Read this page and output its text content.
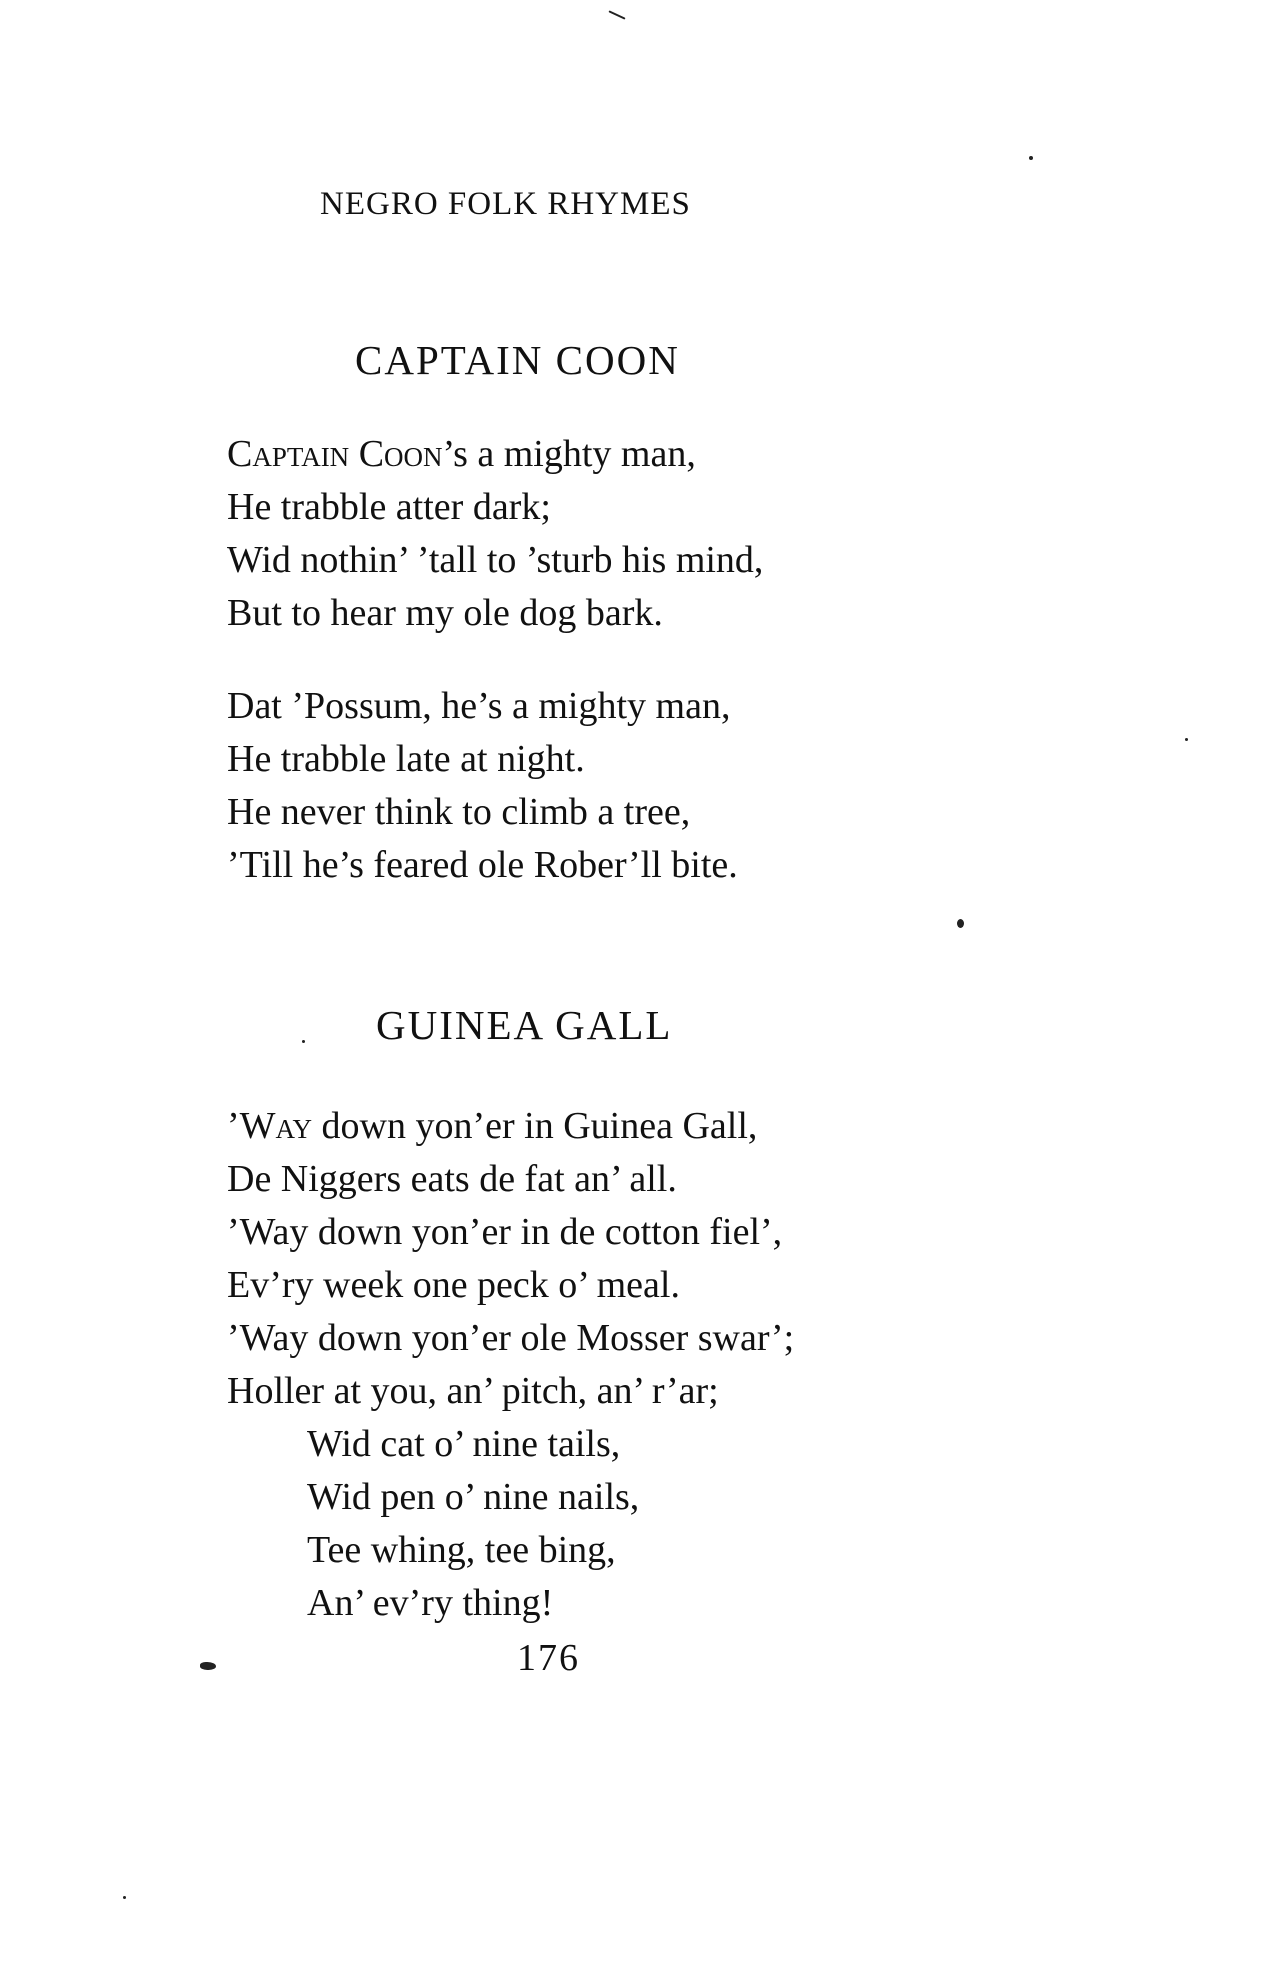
NEGRO FOLK RHYMES
CAPTAIN COON
Captain Coon’s a mighty man,
He trabble atter dark;
Wid nothin’ ’tall to ’sturb his mind,
But to hear my ole dog bark.
Dat ’Possum, he’s a mighty man,
He trabble late at night.
He never think to climb a tree,
’Till he’s feared ole Rober’ll bite.
GUINEA GALL
’Way down yon’er in Guinea Gall,
De Niggers eats de fat an’ all.
’Way down yon’er in de cotton fiel’,
Ev’ry week one peck o’ meal.
’Way down yon’er ole Mosser swar’;
Holler at you, an’ pitch, an’ r’ar;
Wid cat o’ nine tails,
Wid pen o’ nine nails,
Tee whing, tee bing,
An’ ev’ry thing!
176
